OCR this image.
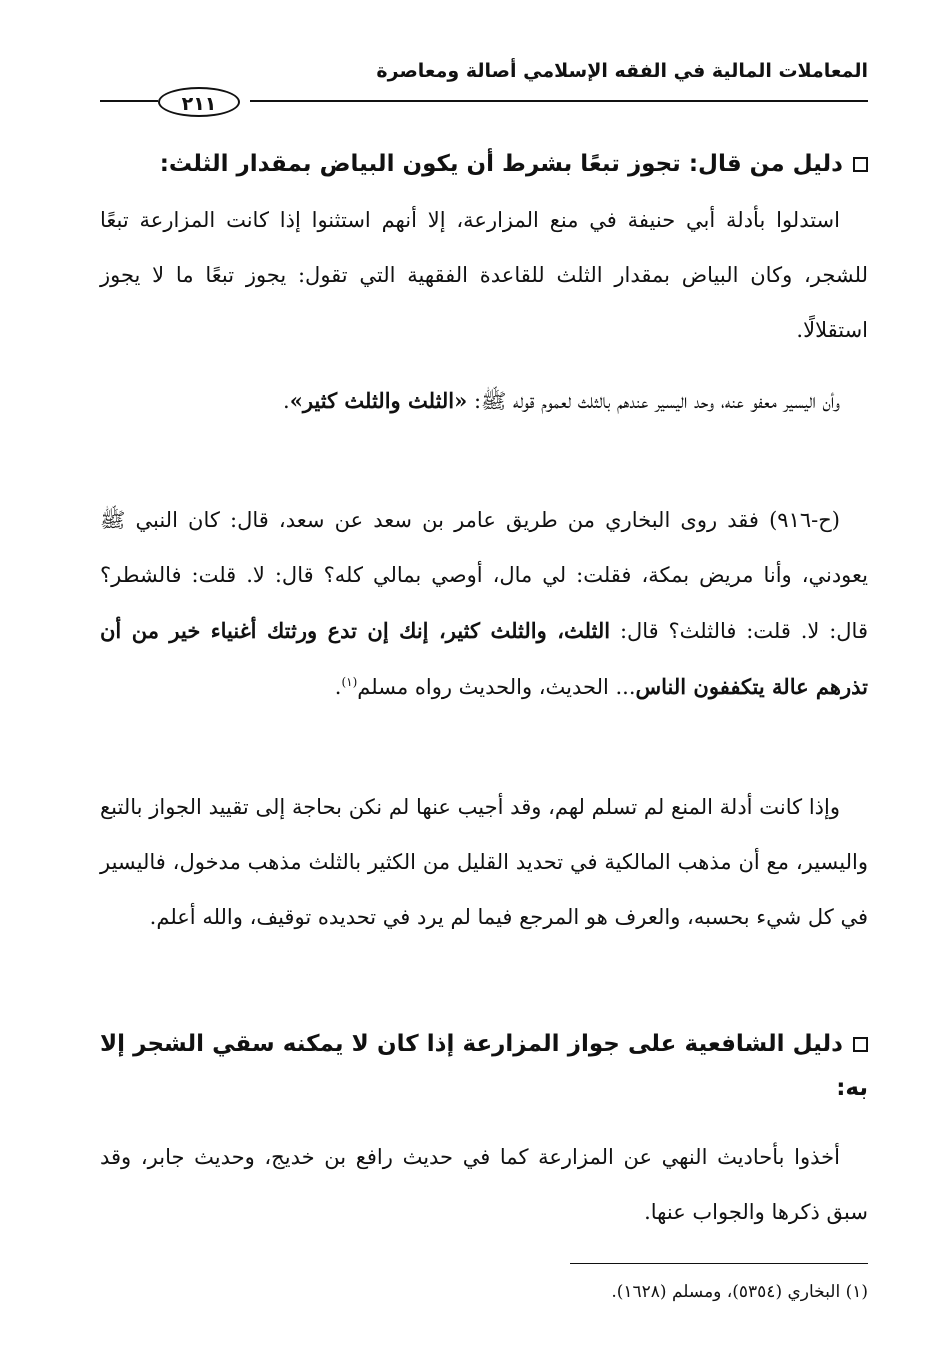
المعاملات المالية في الفقه الإسلامي أصالة ومعاصرة
٢١١
دليل من قال: تجوز تبعًا بشرط أن يكون البياض بمقدار الثلث:
استدلوا بأدلة أبي حنيفة في منع المزارعة، إلا أنهم استثنوا إذا كانت المزارعة تبعًا للشجر، وكان البياض بمقدار الثلث للقاعدة الفقهية التي تقول: يجوز تبعًا ما لا يجوز استقلالًا.
وأن اليسير معفو عنه، وحد اليسير عندهم بالثلث لعموم قوله ﷺ: «الثلث والثلث كثير».
(ح-٩١٦) فقد روى البخاري من طريق عامر بن سعد عن سعد، قال: كان النبي ﷺ يعودني، وأنا مريض بمكة، فقلت: لي مال، أوصي بمالي كله؟ قال: لا. قلت: فالشطر؟ قال: لا. قلت: فالثلث؟ قال: الثلث، والثلث كثير، إنك إن تدع ورثتك أغنياء خير من أن تذرهم عالة يتكففون الناس... الحديث، والحديث رواه مسلم$^{(١)}$.
وإذا كانت أدلة المنع لم تسلم لهم، وقد أجيب عنها لم نكن بحاجة إلى تقييد الجواز بالتبع واليسير، مع أن مذهب المالكية في تحديد القليل من الكثير بالثلث مذهب مدخول، فاليسير في كل شيء بحسبه، والعرف هو المرجع فيما لم يرد في تحديده توقيف، والله أعلم.
دليل الشافعية على جواز المزارعة إذا كان لا يمكنه سقي الشجر إلا به:
أخذوا بأحاديث النهي عن المزارعة كما في حديث رافع بن خديج، وحديث جابر، وقد سبق ذكرها والجواب عنها.
(١) البخاري (٥٣٥٤)، ومسلم (١٦٢٨).
